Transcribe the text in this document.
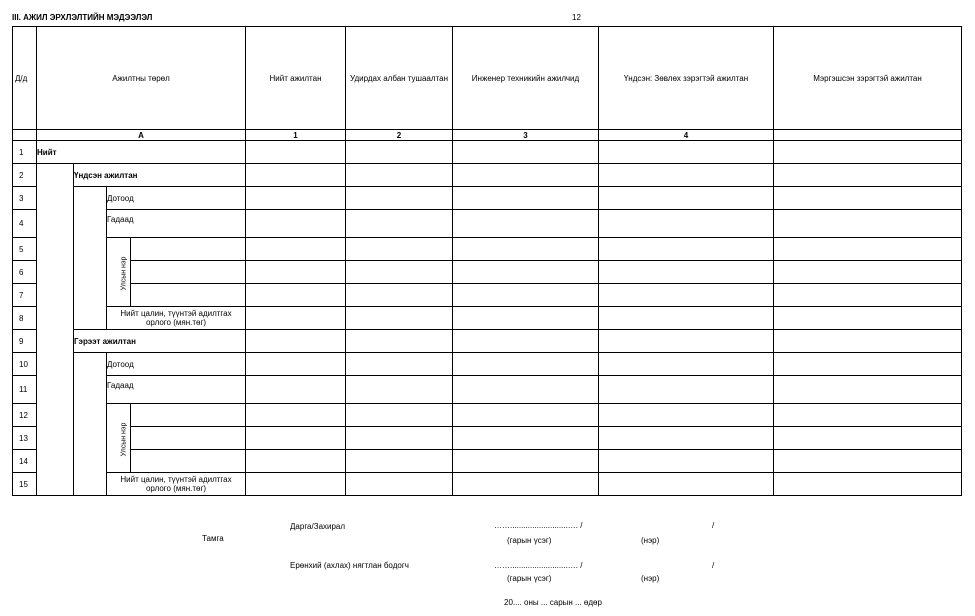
III. АЖИЛ ЭРХЛЭЛТИЙН МЭДЭЭЛЭЛ	12
Д/д	Ажилтны төрөл				Нийт ажилтан	Удирдах албан тушаалтан	Инженер техникийн ажилчид	Үндсэн: Зөвлөх зэрэгтэй ажилтан	Мэргэшсэн зэрэгтэй ажилтан
	А				1	2	3	4	
1	Нийт								
2		Үндсэн ажилтан							
3			Дотоод						
4			Гадаад						
5			Улсын нэр						
6									
7									
8			Нийт цалин, түүнтэй адилтгах орлого (мян.төг)						
9		Гэрээт ажилтан							
10			Дотоод						
11			Гадаад						
12			Улсын нэр						
13									
14									
15			Нийт цалин, түүнтэй адилтгах орлого (мян.төг)						
Тамга
Дарга/Захирал	……..........................…. /	/
(гарын үсэг)	(нэр)
Ерөнхий (ахлах) нягтлан бодогч	……..........................…. /	/
(гарын үсэг)	(нэр)
20.... оны ... сарын ... өдөр
